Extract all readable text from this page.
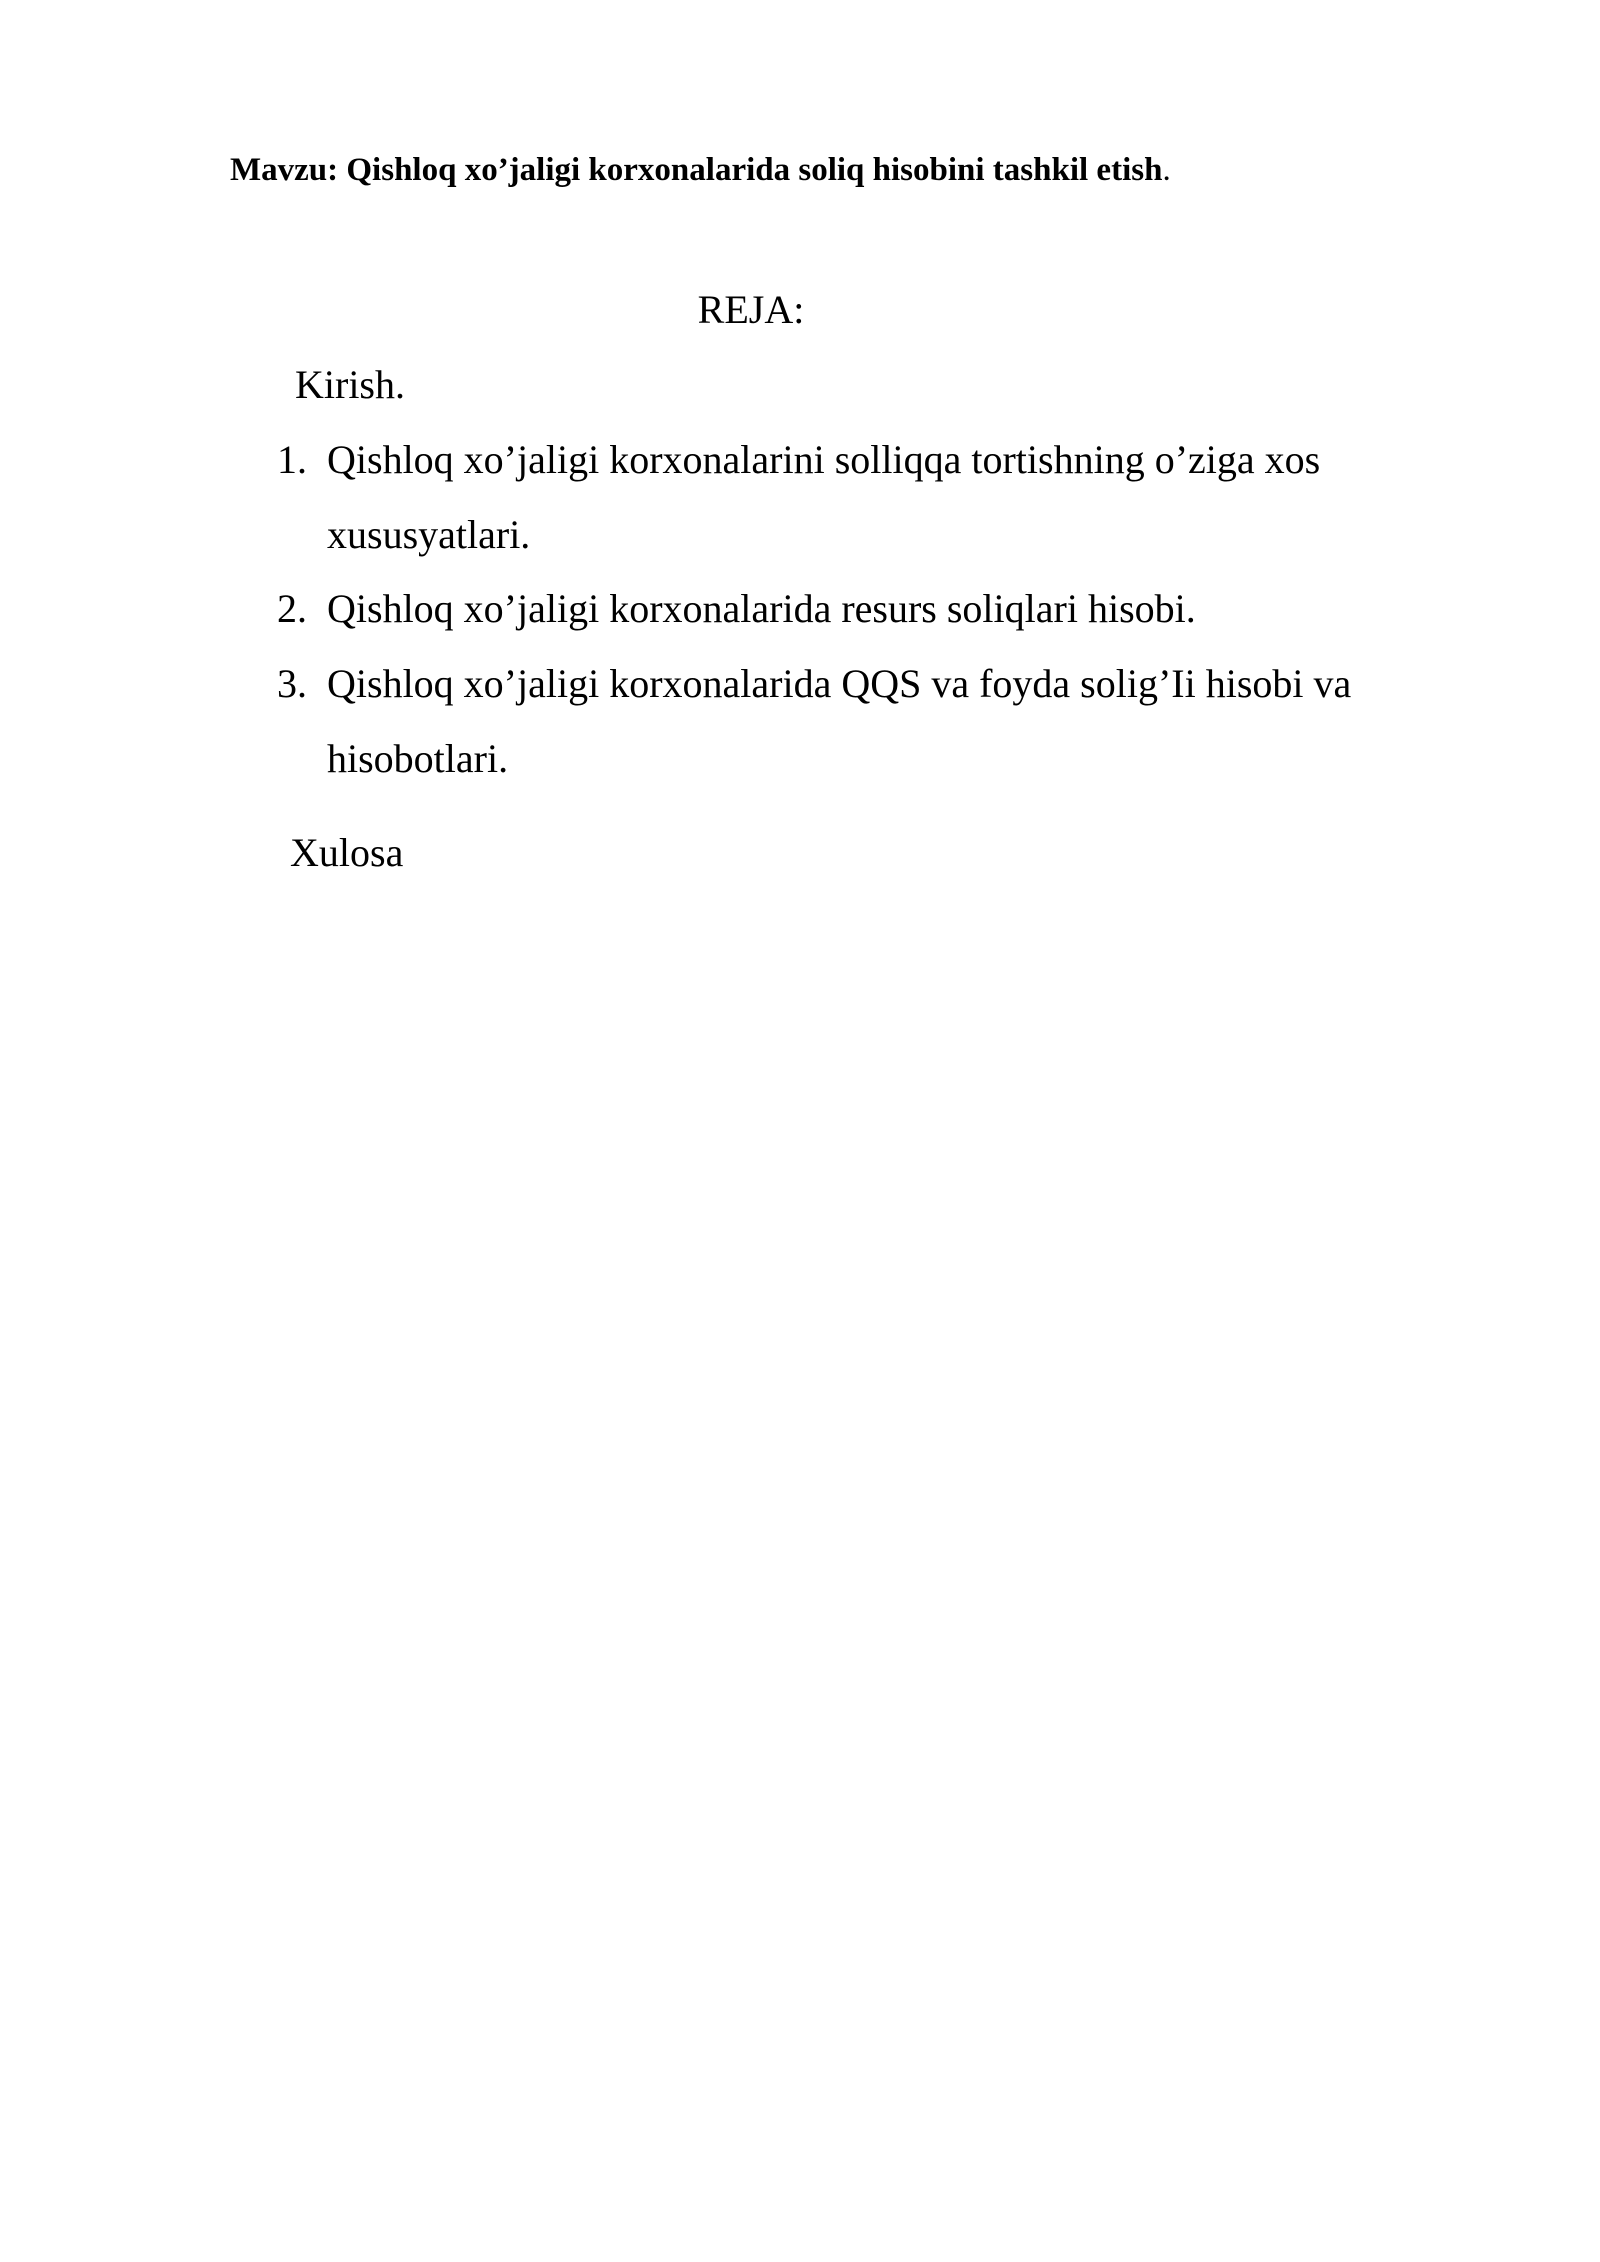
Mavzu: Qishloq xo’jaligi korxonalarida soliq hisobini tashkil etish.
REJA:
Kirish.
1. Qishloq xo’jaligi korxonalarini solliqqa tortishning o’ziga xos
xususyatlari.
2. Qishloq xo’jaligi korxonalarida resurs soliqlari hisobi.
3. Qishloq xo’jaligi korxonalarida QQS va foyda solig’Ii hisobi va
hisobotlari.
Xulosa
